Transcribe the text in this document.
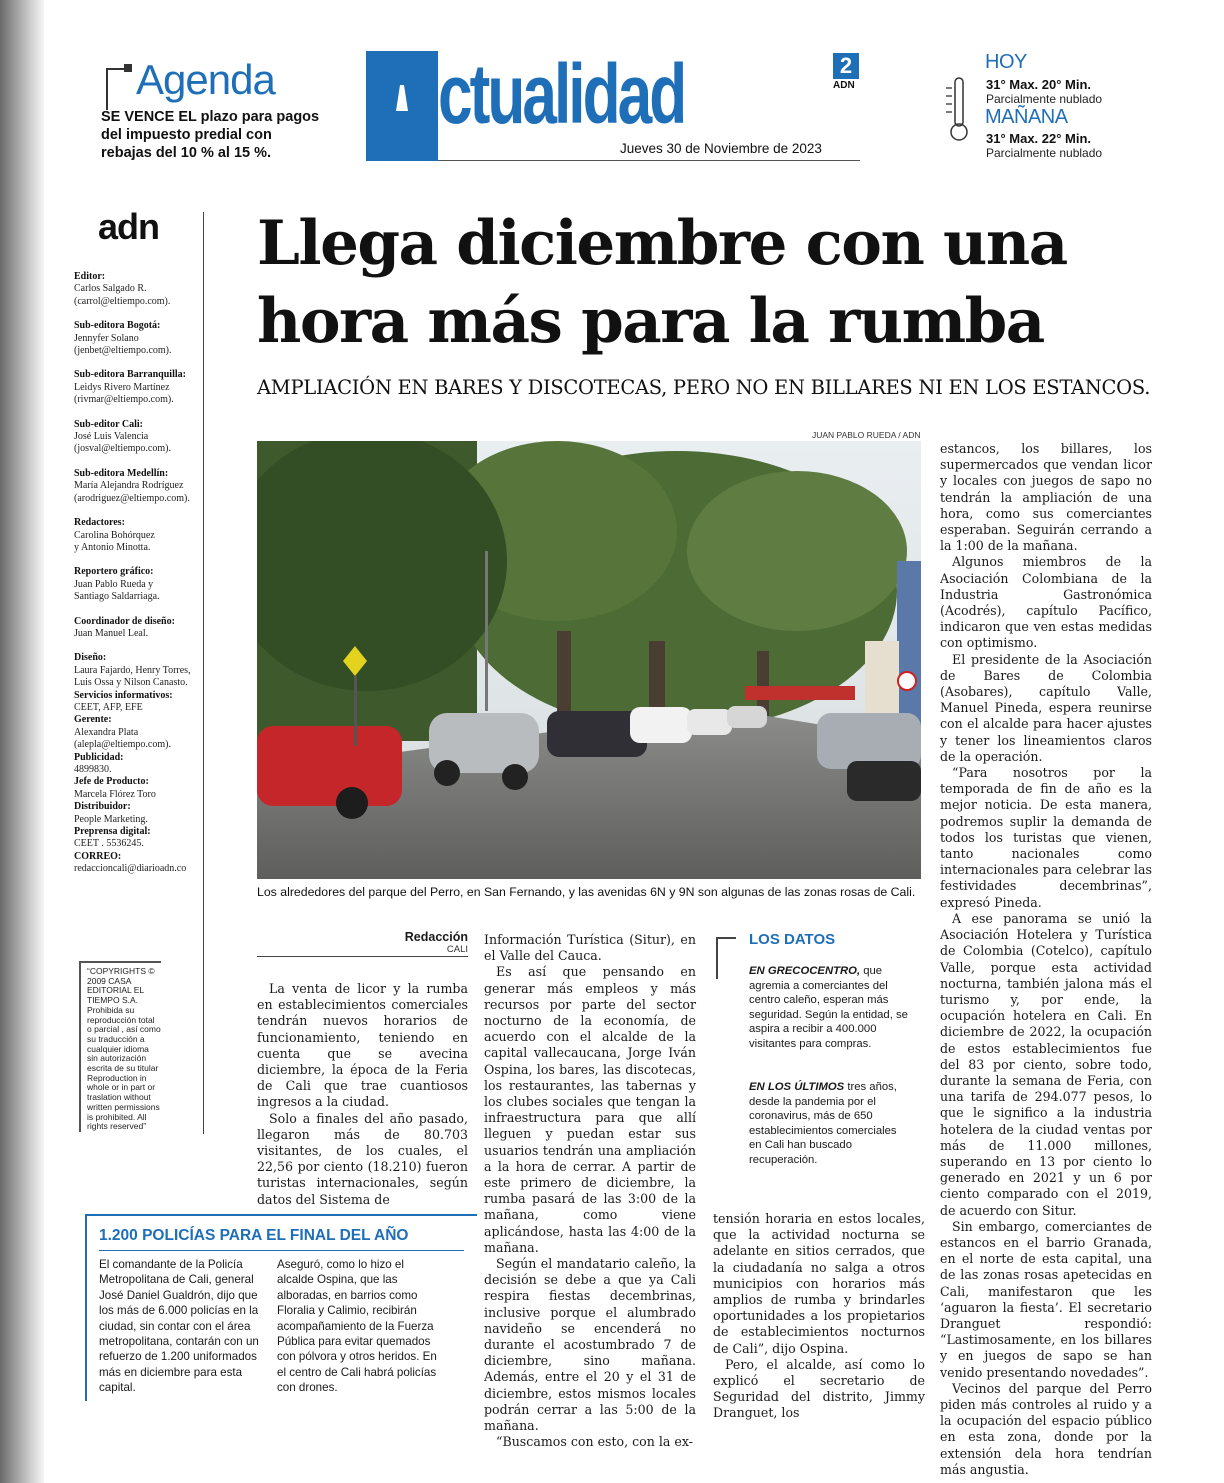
Agenda
SE VENCE EL plazo para pagos del impuesto predial con rebajas del 10 % al 15 %.
ctualidad	2
ADN
Jueves 30 de Noviembre de 2023
HOY
31° Max. 20° Min.
Parcialmente nublado
MAÑANA
31° Max. 22° Min.
Parcialmente nublado
adn
Editor:
Carlos Salgado R.
(carrol@eltiempo.com).
Sub-editora Bogotá:
Jennyfer Solano
(jenbet@eltiempo.com).
Sub-editora Barranquilla:
Leidys Rivero Martínez
(rivmar@eltiempo.com).
Sub-editor Cali:
José Luis Valencia
(josval@eltiempo.com).
Sub-editora Medellín:
María Alejandra Rodríguez
(arodriguez@eltiempo.com).
Redactores:
Carolina Bohórquez
y Antonio Minotta.
Reportero gráfico:
Juan Pablo Rueda y
Santiago Saldarriaga.
Coordinador de diseño:
Juan Manuel Leal.
Diseño:
Laura Fajardo, Henry Torres,
Luis Ossa y Nilson Canasto.
Servicios informativos:
CEET, AFP, EFE
Gerente:
Alexandra Plata
(alepla@eltiempo.com).
Publicidad:
4899830.
Jefe de Producto:
Marcela Flórez Toro
Distribuidor:
People Marketing.
Preprensa digital:
CEET . 5536245.
CORREO:
redaccioncali@diarioadn.co
“COPYRIGHTS © 2009 CASA EDITORIAL EL TIEMPO S.A. Prohibida su reproducción total o parcial , así como su traducción a cualquier idioma sin autorización escrita de su titular Reproduction in whole or in part or traslation without written permissions is prohibited. All rights reserved”
Llega diciembre con una
hora más para la rumba
AMPLIACIÓN EN BARES Y DISCOTECAS, PERO NO EN BILLARES NI EN LOS ESTANCOS.
JUAN PABLO RUEDA / ADN
Los alrededores del parque del Perro, en San Fernando, y las avenidas 6N y 9N son algunas de las zonas rosas de Cali.
Redacción
CALI

La venta de licor y la rumba en establecimientos comerciales tendrán nuevos horarios de funcionamiento, teniendo en cuenta que se avecina diciembre, la época de la Feria de Cali que trae cuantiosos ingresos a la ciudad.

Solo a finales del año pasado, llegaron más de 80.703 visitantes, de los cuales, el 22,56 por ciento (18.210) fueron turistas internacionales, según datos del Sistema de

Información Turística (Situr), en el Valle del Cauca.

Es así que pensando en generar más empleos y más recursos por parte del sector nocturno de la economía, de acuerdo con el alcalde de la capital vallecaucana, Jorge Iván Ospina, los bares, las discotecas, los restaurantes, las tabernas y los clubes sociales que tengan la infraestructura para que allí lleguen y puedan estar sus usuarios tendrán una ampliación a la hora de cerrar. A partir de este primero de diciembre, la rumba pasará de las 3:00 de la mañana, como viene aplicándose, hasta las 4:00 de la mañana.

Según el mandatario caleño, la decisión se debe a que ya Cali respira fiestas decembrinas, inclusive porque el alumbrado navideño se encenderá no durante el acostumbrado 7 de diciembre, sino mañana. Además, entre el 20 y el 31 de diciembre, estos mismos locales podrán cerrar a las 5:00 de la mañana.

“Buscamos con esto, con la ex-

tensión horaria en estos locales, que la actividad nocturna se adelante en sitios cerrados, que la ciudadanía no salga a otros municipios con horarios más amplios de rumba y brindarles oportunidades a los propietarios de establecimientos nocturnos de Cali”, dijo Ospina.

Pero, el alcalde, así como lo explicó el secretario de Seguridad del distrito, Jimmy Dranguet, los

estancos, los billares, los supermercados que vendan licor y locales con juegos de sapo no tendrán la ampliación de una hora, como sus comerciantes esperaban. Seguirán cerrando a la 1:00 de la mañana.

Algunos miembros de la Asociación Colombiana de la Industria Gastronómica (Acodrés), capítulo Pacífico, indicaron que ven estas medidas con optimismo.

El presidente de la Asociación de Bares de Colombia (Asobares), capítulo Valle, Manuel Pineda, espera reunirse con el alcalde para hacer ajustes y tener los lineamientos claros de la operación.

“Para nosotros por la temporada de fin de año es la mejor noticia. De esta manera, podremos suplir la demanda de todos los turistas que vienen, tanto nacionales como internacionales para celebrar las festividades decembrinas”, expresó Pineda.

A ese panorama se unió la Asociación Hotelera y Turística de Colombia (Cotelco), capítulo Valle, porque esta actividad nocturna, también jalona más el turismo y, por ende, la ocupación hotelera en Cali. En diciembre de 2022, la ocupación de estos establecimientos fue del 83 por ciento, sobre todo, durante la semana de Feria, con una tarifa de 294.077 pesos, lo que le significo a la industria hotelera de la ciudad ventas por más de 11.000 millones, superando en 13 por ciento lo generado en 2021 y un 6 por ciento comparado con el 2019, de acuerdo con Situr.

Sin embargo, comerciantes de estancos en el barrio Granada, en el norte de esta capital, una de las zonas rosas apetecidas en Cali, manifestaron que les ‘aguaron la fiesta’. El secretario Dranguet respondió: “Lastimosamente, en los billares y en juegos de sapo se han venido presentando novedades”.

Vecinos del parque del Perro piden más controles al ruido y a la ocupación del espacio público en esta zona, donde por la extensión dela hora tendrían más angustia.

LOS DATOS
EN GRECOCENTRO, que agremia a comerciantes del centro caleño, esperan más seguridad. Según la entidad, se aspira a recibir a 400.000 visitantes para compras.
EN LOS ÚLTIMOS tres años, desde la pandemia por el coronavirus, más de 650 establecimientos comerciales en Cali han buscado recuperación.
1.200 POLICÍAS PARA EL FINAL DEL AÑO
El comandante de la Policía Metropolitana de Cali, general José Daniel Gualdrón, dijo que los más de 6.000 policías en la ciudad, sin contar con el área metropolitana, contarán con un refuerzo de 1.200 uniformados más en diciembre para esta capital.
Aseguró, como lo hizo el alcalde Ospina, que las alboradas, en barrios como Floralia y Calimio, recibirán acompañamiento de la Fuerza Pública para evitar quemados con pólvora y otros heridos. En el centro de Cali habrá policías con drones.
